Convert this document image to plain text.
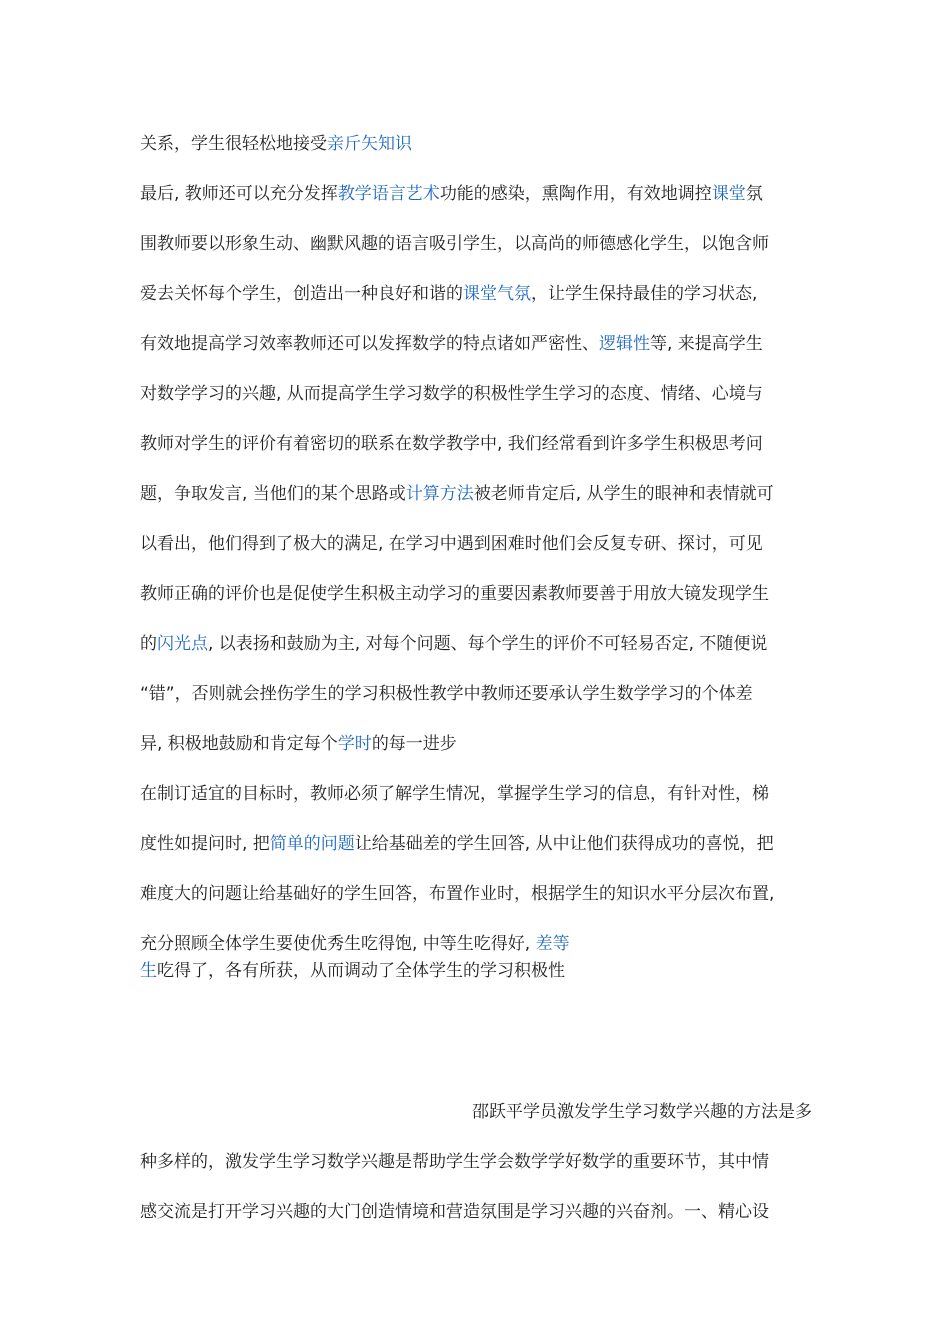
关系，学生很轻松地接受亲斤矢知识
最后, 教师还可以充分发挥教学语言艺术功能的感染，熏陶作用，有效地调控课堂氛
围教师要以形象生动、幽默风趣的语言吸引学生，以高尚的师德感化学生，以饱含师
爱去关怀每个学生，创造出一种良好和谐的课堂气氛，让学生保持最佳的学习状态,
有效地提高学习效率教师还可以发挥数学的特点诸如严密性、逻辑性等, 来提高学生
对数学学习的兴趣, 从而提高学生学习数学的积极性学生学习的态度、情绪、心境与
教师对学生的评价有着密切的联系在数学教学中, 我们经常看到许多学生积极思考问
题，争取发言, 当他们的某个思路或计算方法被老师肯定后, 从学生的眼神和表情就可
以看出，他们得到了极大的满足, 在学习中遇到困难时他们会反复专研、探讨，可见
教师正确的评价也是促使学生积极主动学习的重要因素教师要善于用放大镜发现学生
的闪光点, 以表扬和鼓励为主, 对每个问题、每个学生的评价不可轻易否定, 不随便说
“错”，否则就会挫伤学生的学习积极性教学中教师还要承认学生数学学习的个体差
异, 积极地鼓励和肯定每个学时的每一进步
在制订适宜的目标时，教师必须了解学生情况，掌握学生学习的信息，有针对性，梯
度性如提问时, 把简单的问题让给基础差的学生回答, 从中让他们获得成功的喜悦，把
难度大的问题让给基础好的学生回答，布置作业时，根据学生的知识水平分层次布置,
充分照顾全体学生要使优秀生吃得饱, 中等生吃得好, 差等
生吃得了，各有所获，从而调动了全体学生的学习积极性
邵跃平学员激发学生学习数学兴趣的方法是多
种多样的，激发学生学习数学兴趣是帮助学生学会数学学好数学的重要环节，其中情
感交流是打开学习兴趣的大门创造情境和营造氛围是学习兴趣的兴奋剂。一、精心设
